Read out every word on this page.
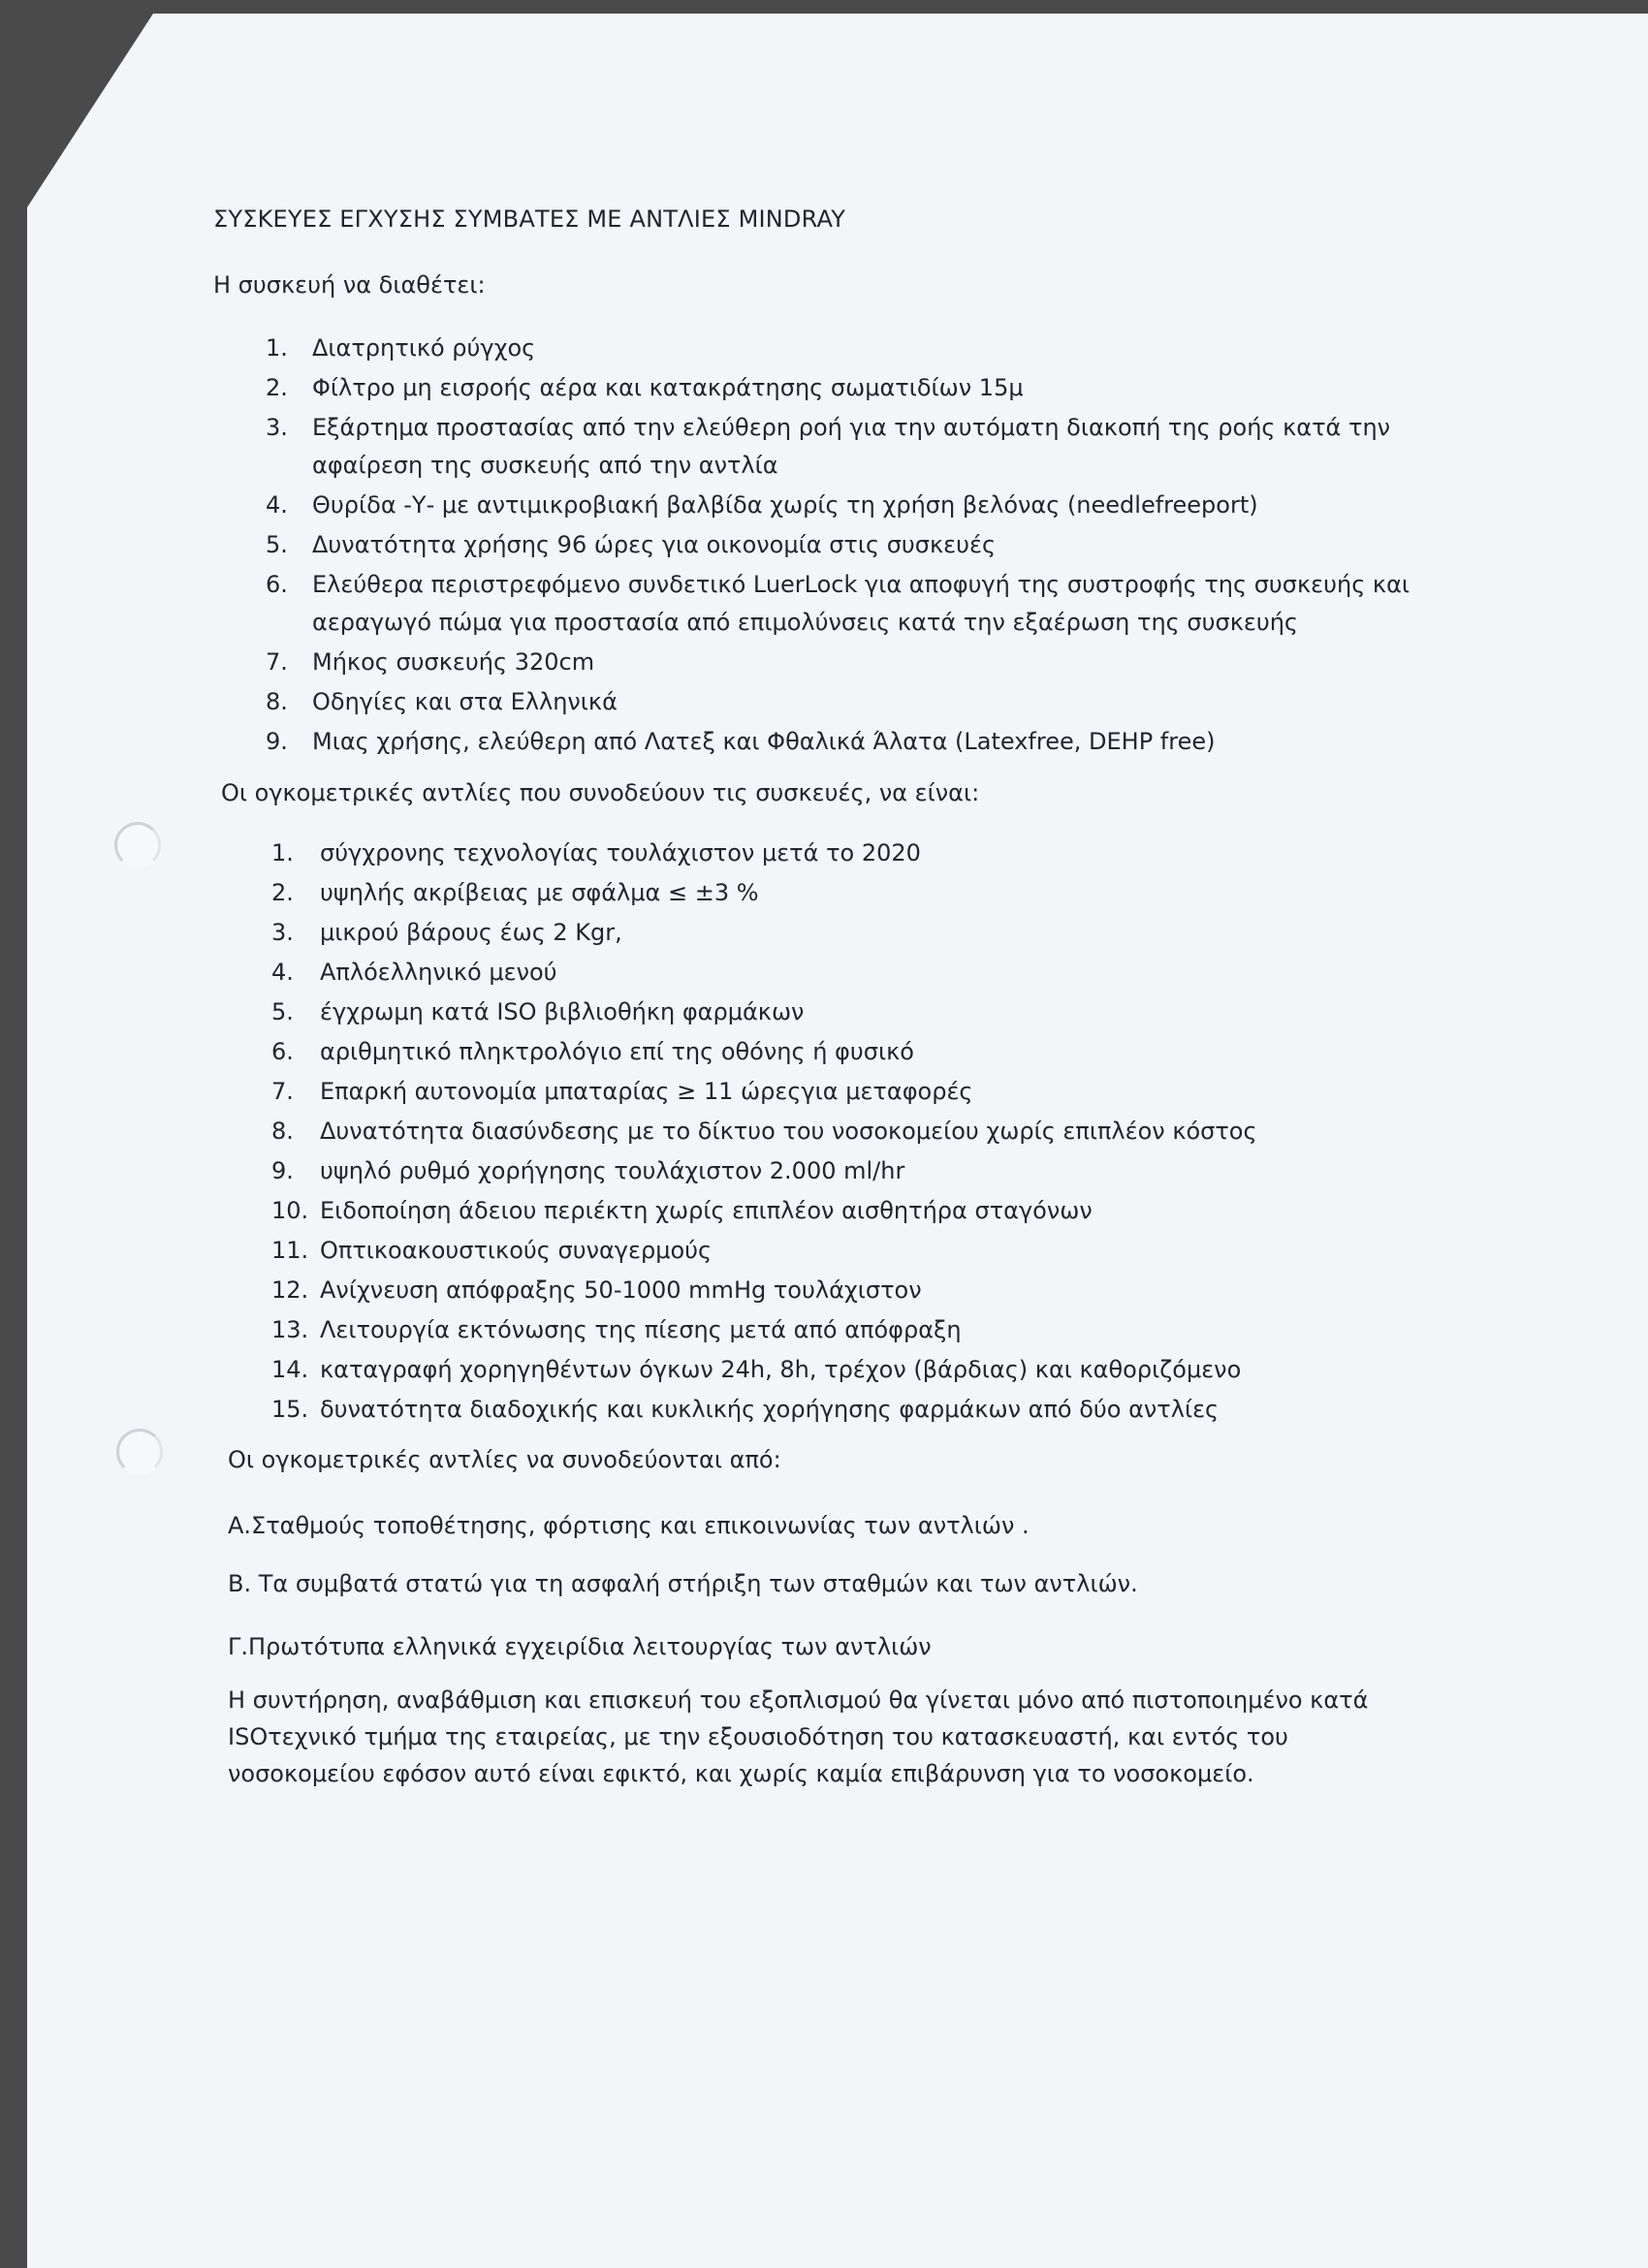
ΣΥΣΚΕΥΕΣ ΕΓΧΥΣΗΣ ΣΥΜΒΑΤΕΣ ΜΕ ΑΝΤΛΙΕΣ MINDRAY
Η συσκευή να διαθέτει:
1. Διατρητικό ρύγχος
2. Φίλτρο μη εισροής αέρα και κατακράτησης σωματιδίων 15μ
3. Εξάρτημα προστασίας από την ελεύθερη ροή για την αυτόματη διακοπή της ροής κατά την αφαίρεση της συσκευής από την αντλία
4. Θυρίδα -Υ- με αντιμικροβιακή βαλβίδα χωρίς τη χρήση βελόνας (needlefreeport)
5. Δυνατότητα χρήσης 96 ώρες για οικονομία στις συσκευές
6. Ελεύθερα περιστρεφόμενο συνδετικό LuerLock για αποφυγή της συστροφής της συσκευής και αεραγωγό πώμα για προστασία από επιμολύνσεις κατά την εξαέρωση της συσκευής
7. Μήκος συσκευής 320cm
8. Οδηγίες και στα Ελληνικά
9. Μιας χρήσης, ελεύθερη από Λατεξ και Φθαλικά Άλατα (Latexfree, DEHP free)
Οι ογκομετρικές αντλίες που συνοδεύουν τις συσκευές, να είναι:
1. σύγχρονης τεχνολογίας τουλάχιστον μετά το 2020
2. υψηλής ακρίβειας με σφάλμα ≤ ±3 %
3. μικρού βάρους έως 2 Kgr,
4. Απλόελληνικό μενού
5. έγχρωμη κατά ISO βιβλιοθήκη φαρμάκων
6. αριθμητικό πληκτρολόγιο επί της οθόνης ή φυσικό
7. Επαρκή αυτονομία μπαταρίας ≥ 11 ώρεςγια μεταφορές
8. Δυνατότητα διασύνδεσης με το δίκτυο του νοσοκομείου χωρίς επιπλέον κόστος
9. υψηλό ρυθμό χορήγησης τουλάχιστον 2.000 ml/hr
10. Ειδοποίηση άδειου περιέκτη χωρίς επιπλέον αισθητήρα σταγόνων
11. Οπτικοακουστικούς συναγερμούς
12. Ανίχνευση απόφραξης 50-1000 mmHg τουλάχιστον
13. Λειτουργία εκτόνωσης της πίεσης μετά από απόφραξη
14. καταγραφή χορηγηθέντων όγκων 24h, 8h, τρέχον (βάρδιας) και καθοριζόμενο
15. δυνατότητα διαδοχικής και κυκλικής χορήγησης φαρμάκων από δύο αντλίες
Οι ογκομετρικές αντλίες να συνοδεύονται από:
Α.Σταθμούς τοποθέτησης, φόρτισης και επικοινωνίας των αντλιών .
Β. Τα συμβατά στατώ για τη ασφαλή στήριξη των σταθμών και των αντλιών.
Γ.Πρωτότυπα ελληνικά εγχειρίδια λειτουργίας των αντλιών
Η συντήρηση, αναβάθμιση και επισκευή του εξοπλισμού θα γίνεται μόνο από πιστοποιημένο κατά ISOτεχνικό τμήμα της εταιρείας, με την εξουσιοδότηση του κατασκευαστή, και εντός του νοσοκομείου εφόσον αυτό είναι εφικτό, και χωρίς καμία επιβάρυνση για το νοσοκομείο.
